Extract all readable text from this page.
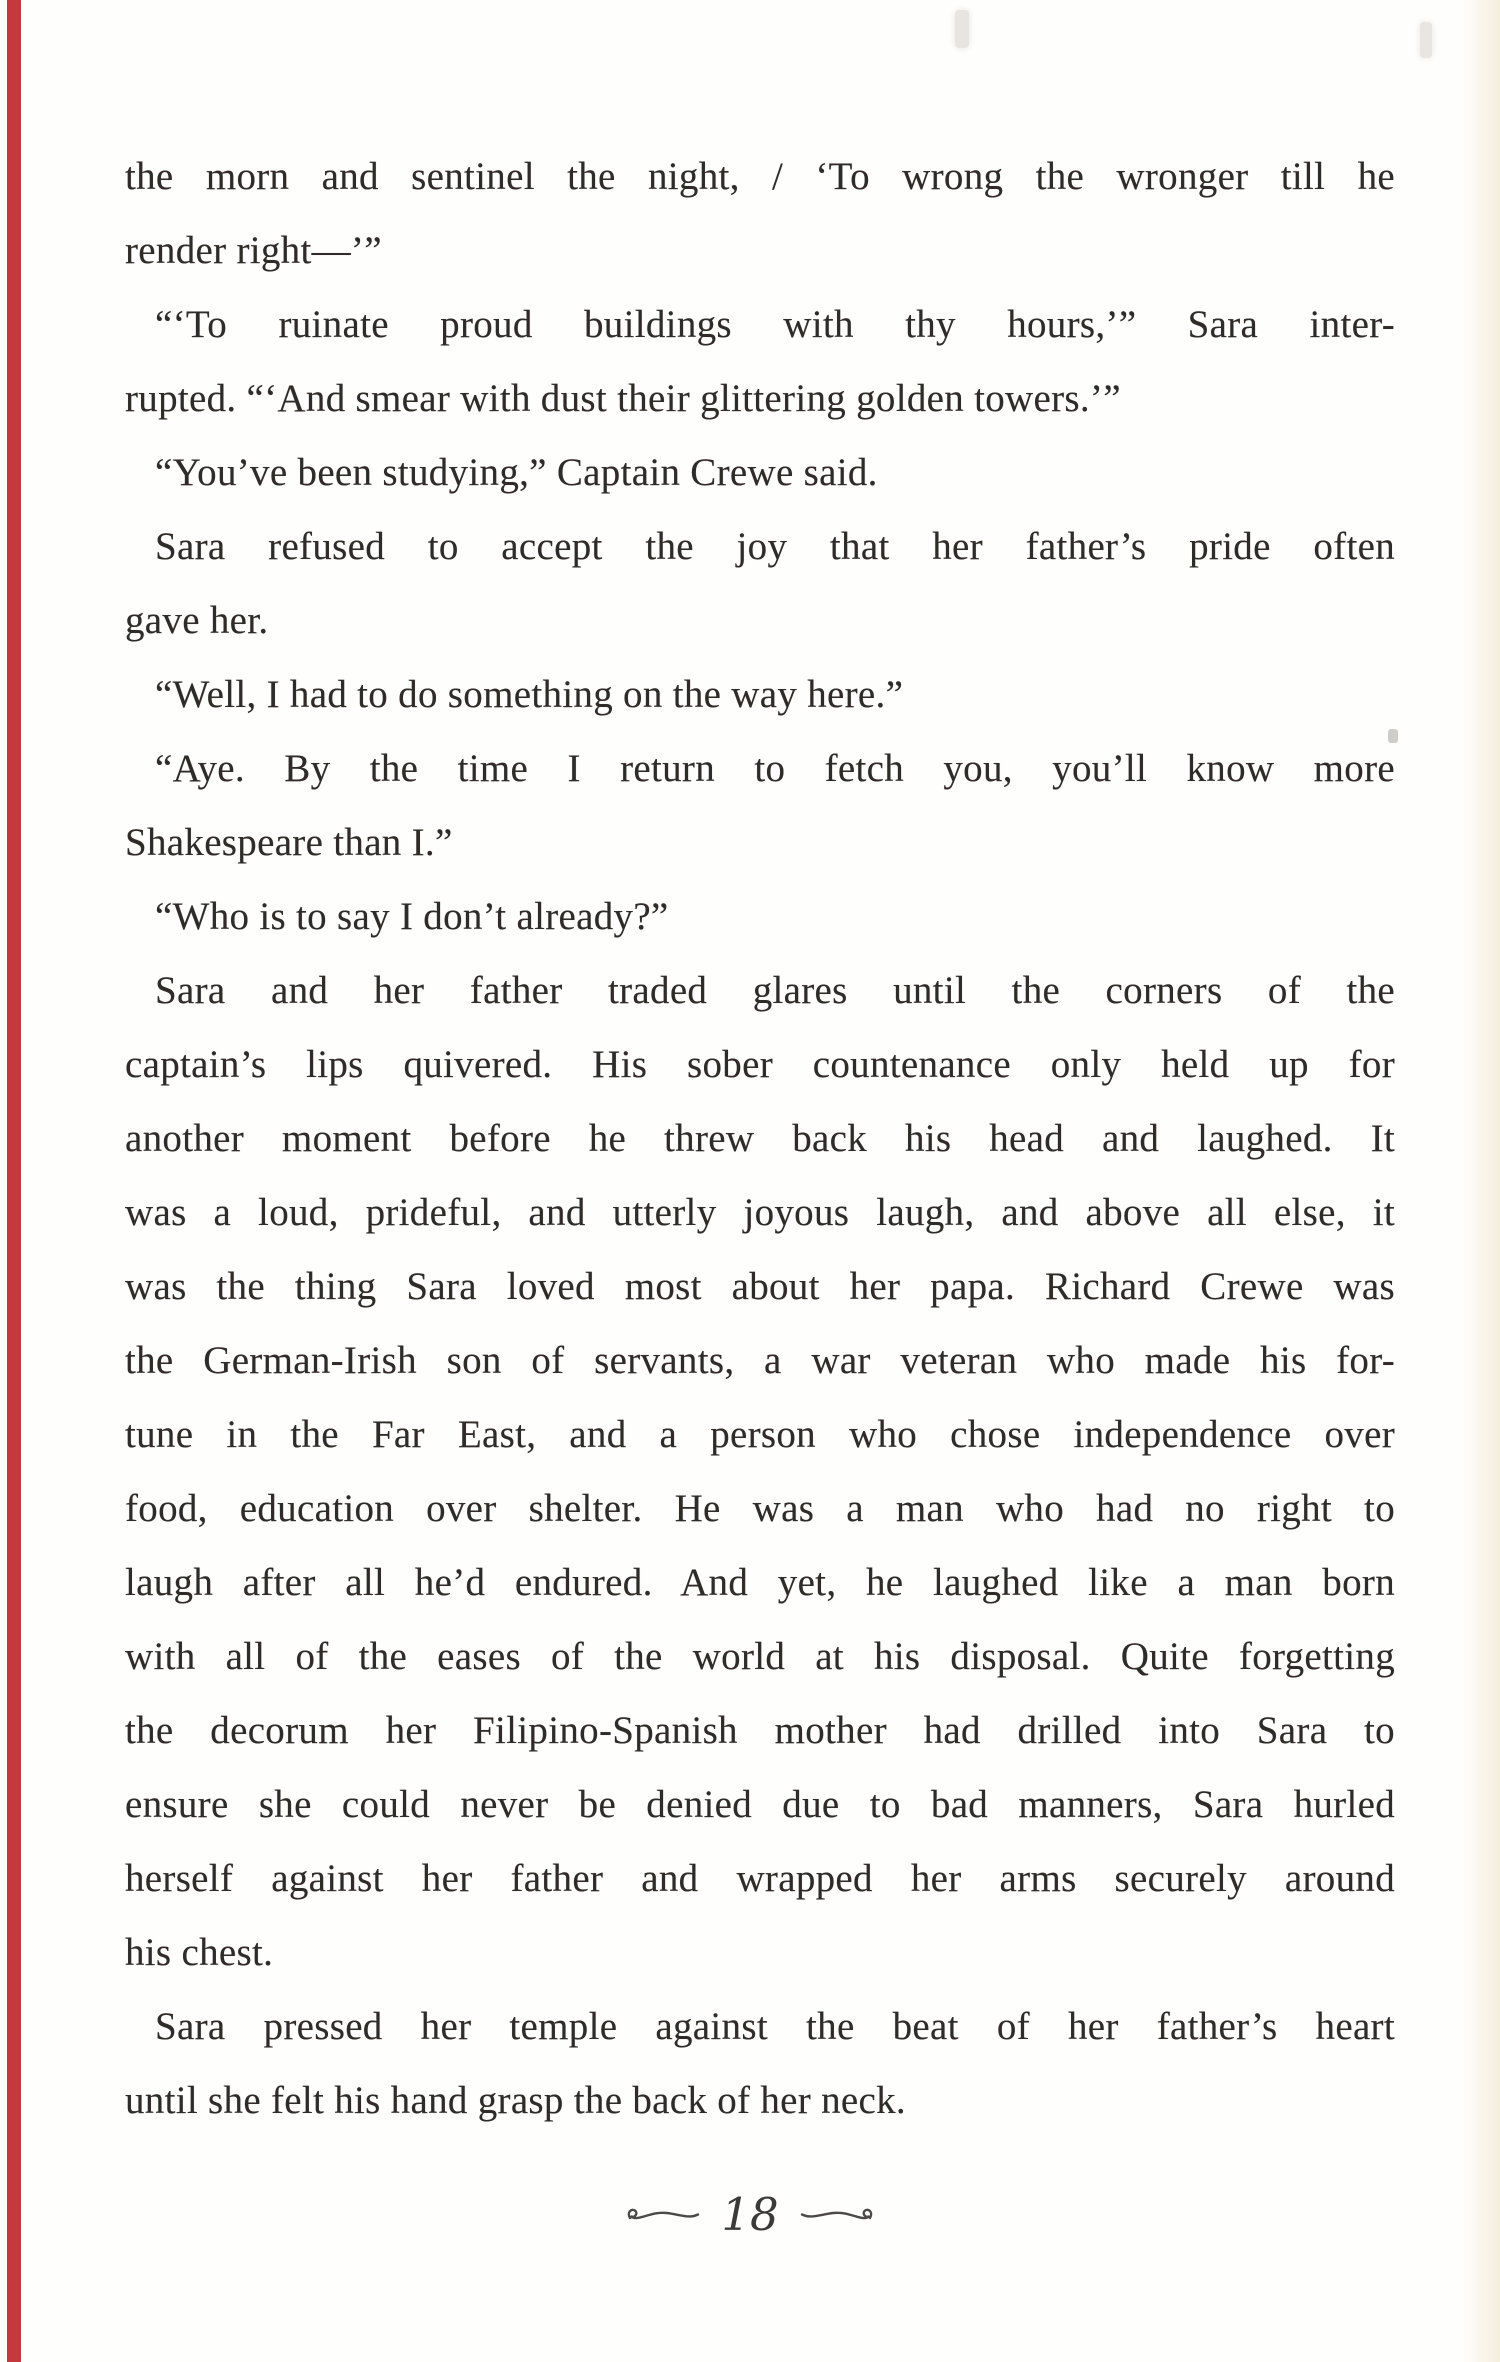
the morn and sentinel the night, / ‘To wrong the wronger till he
render right—’”
“‘To ruinate proud buildings with thy hours,’” Sara inter-
rupted. “‘And smear with dust their glittering golden towers.’”
“You’ve been studying,” Captain Crewe said.
Sara refused to accept the joy that her father’s pride often
gave her.
“Well, I had to do something on the way here.”
“Aye. By the time I return to fetch you, you’ll know more
Shakespeare than I.”
“Who is to say I don’t already?”
Sara and her father traded glares until the corners of the
captain’s lips quivered. His sober countenance only held up for
another moment before he threw back his head and laughed. It
was a loud, prideful, and utterly joyous laugh, and above all else, it
was the thing Sara loved most about her papa. Richard Crewe was
the German-Irish son of servants, a war veteran who made his for-
tune in the Far East, and a person who chose independence over
food, education over shelter. He was a man who had no right to
laugh after all he’d endured. And yet, he laughed like a man born
with all of the eases of the world at his disposal. Quite forgetting
the decorum her Filipino-Spanish mother had drilled into Sara to
ensure she could never be denied due to bad manners, Sara hurled
herself against her father and wrapped her arms securely around
his chest.
Sara pressed her temple against the beat of her father’s heart
until she felt his hand grasp the back of her neck.
18
